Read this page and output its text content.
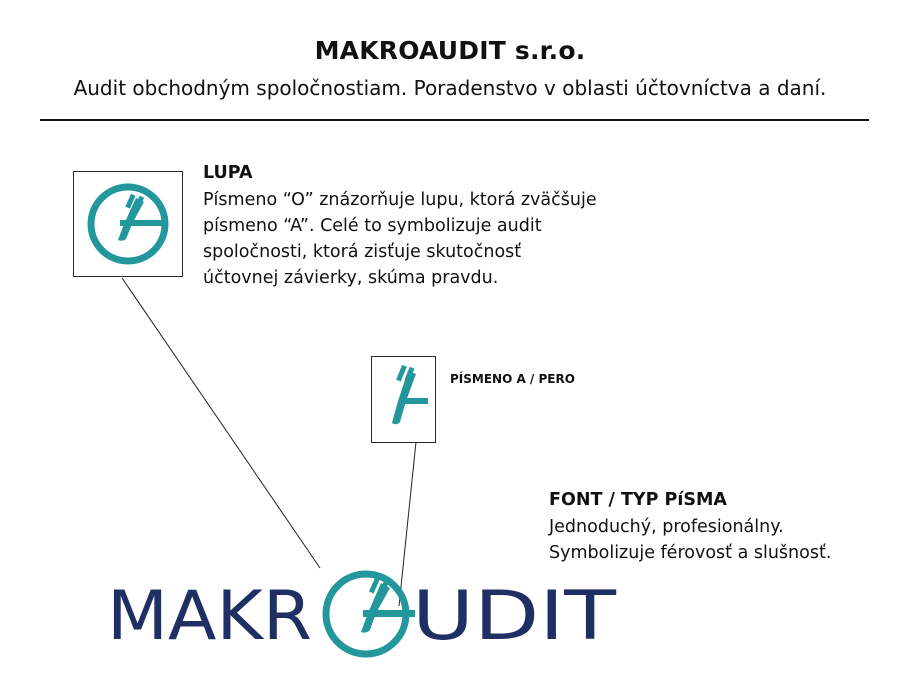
MAKROAUDIT s.r.o.
Audit obchodným spoločnostiam. Poradenstvo v oblasti účtovníctva a daní.
LUPA
Písmeno “O” znázorňuje lupu, ktorá zväčšuje
písmeno “A”. Celé to symbolizuje audit
spoločnosti, ktorá zisťuje skutočnosť
účtovnej závierky, skúma pravdu.
PÍSMENO A / PERO
FONT / TYP PíSMA
Jednoduchý, profesionálny.
Symbolizuje férovosť a slušnosť.
MAKR UDIT
